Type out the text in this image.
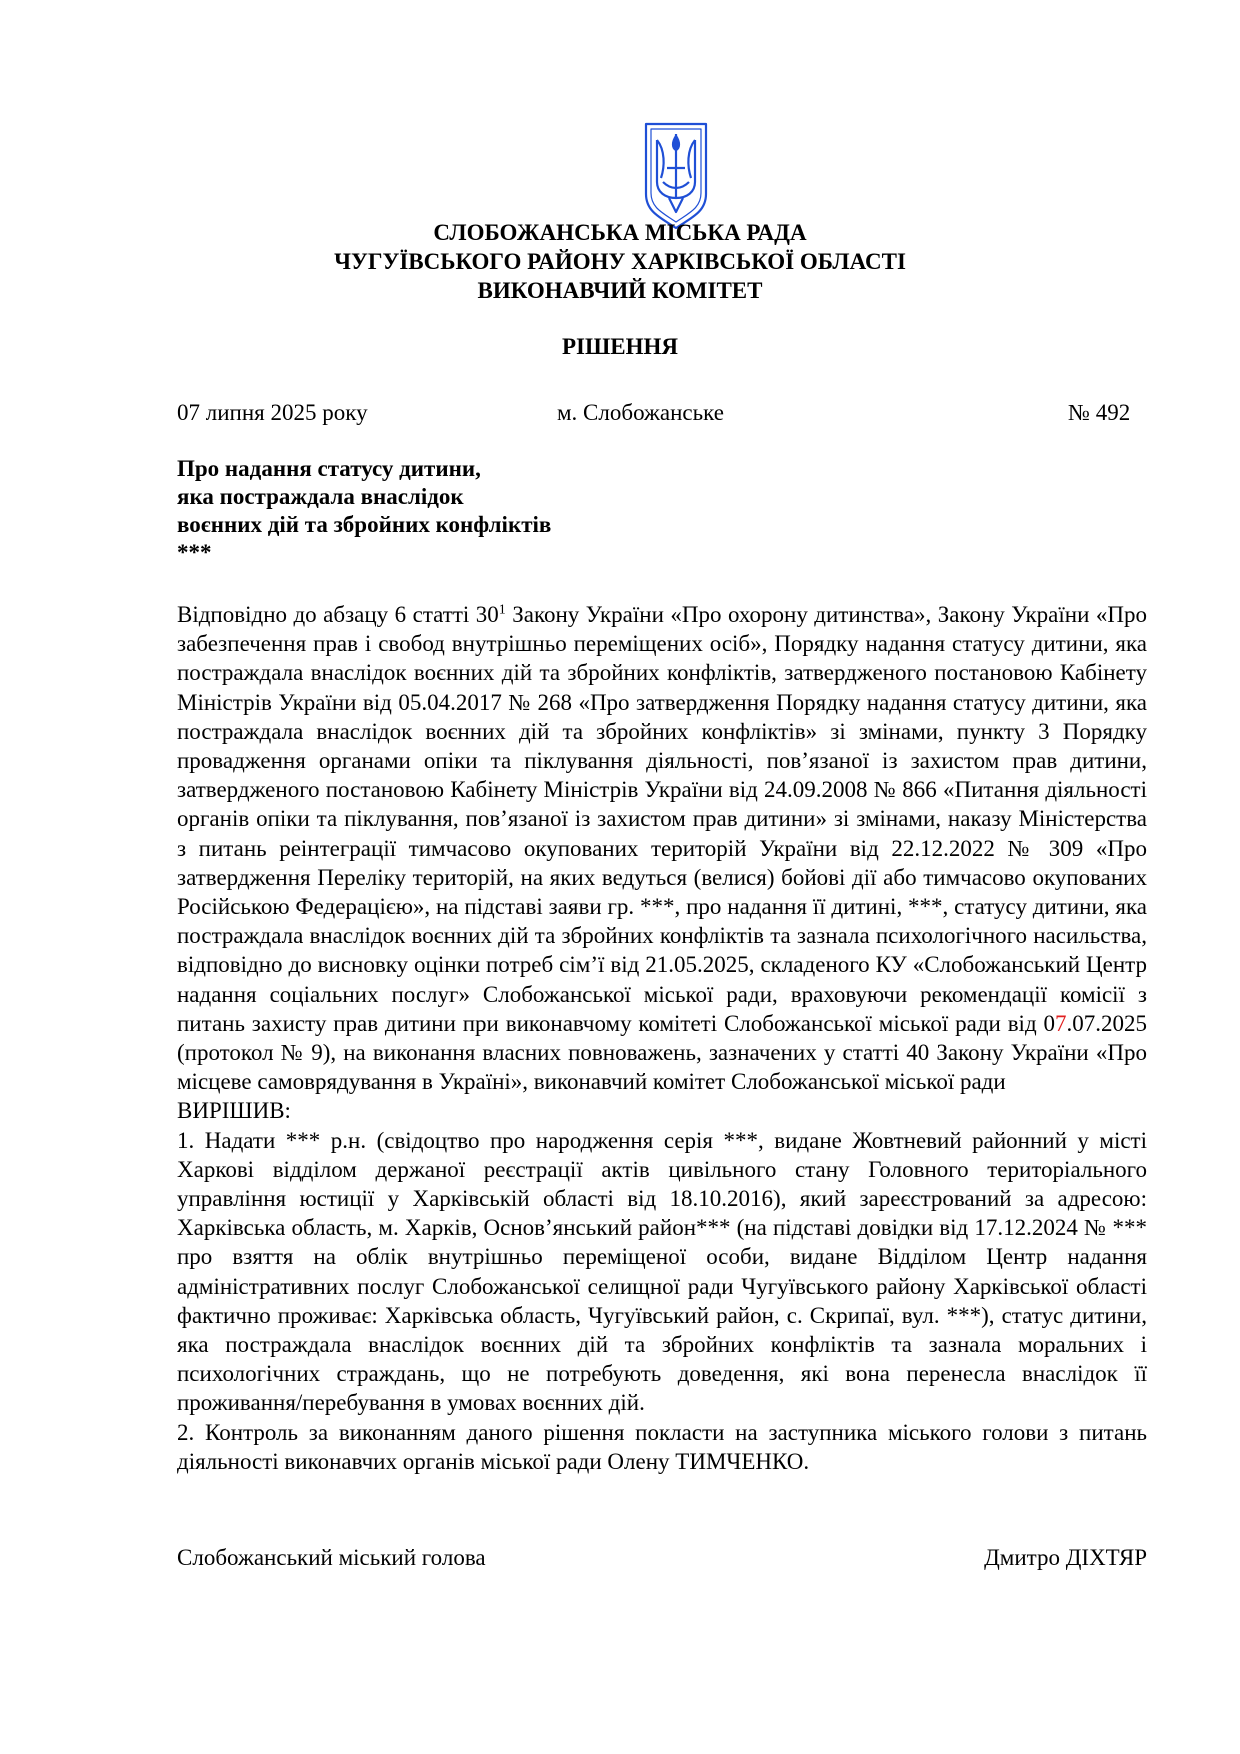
СЛОБОЖАНСЬКА МІСЬКА РАДА
ЧУГУЇВСЬКОГО РАЙОНУ ХАРКІВСЬКОЇ ОБЛАСТІ
ВИКОНАВЧИЙ КОМІТЕТ
РІШЕННЯ
07 липня 2025 року	м. Слобожанське	№ 492
Про надання статусу дитини,
яка постраждала внаслідок
воєнних дій та збройних конфліктів
***

Відповідно до абзацу 6 статті $30^1$ Закону України «Про охорону дитинства», Закону України «Про забезпечення прав і свобод внутрішньо переміщених осіб», Порядку надання статусу дитини, яка постраждала внаслідок воєнних дій та збройних конфліктів, затвердженого постановою Кабінету Міністрів України від 05.04.2017 № 268 «Про затвердження Порядку надання статусу дитини, яка постраждала внаслідок воєнних дій та збройних конфліктів» зі змінами, пункту 3 Порядку провадження органами опіки та піклування діяльності, пов’язаної із захистом прав дитини, затвердженого постановою Кабінету Міністрів України від 24.09.2008 № 866 «Питання діяльності органів опіки та піклування, пов’язаної із захистом прав дитини» зі змінами, наказу Міністерства з питань реінтеграції тимчасово окупованих територій України від 22.12.2022 № 309 «Про затвердження Переліку територій, на яких ведуться (велися) бойові дії або тимчасово окупованих Російською Федерацією», на підставі заяви гр. ***, про надання її дитині, ***, статусу дитини, яка постраждала внаслідок воєнних дій та збройних конфліктів та зазнала психологічного насильства, відповідно до висновку оцінки потреб сім’ї від 21.05.2025, складеного КУ «Слобожанський Центр надання соціальних послуг» Слобожанської міської ради, враховуючи рекомендації комісії з питань захисту прав дитини при виконавчому комітеті Слобожанської міської ради від 07.07.2025 (протокол № 9), на виконання власних повноважень, зазначених у статті 40 Закону України «Про місцеве самоврядування в Україні», виконавчий комітет Слобожанської міської ради

ВИРІШИВ:

1. Надати *** р.н. (свідоцтво про народження серія ***, видане Жовтневий районний у місті Харкові відділом держаної реєстрації актів цивільного стану Головного територіального управління юстиції у Харківській області від 18.10.2016), який зареєстрований за адресою: Харківська область, м. Харків, Основ’янський район*** (на підставі довідки від 17.12.2024 № *** про взяття на облік внутрішньо переміщеної особи, видане Відділом Центр надання адміністративних послуг Слобожанської селищної ради Чугуївського району Харківської області фактично проживає: Харківська область, Чугуївський район, с. Скрипаї, вул. ***), статус дитини, яка постраждала внаслідок воєнних дій та збройних конфліктів та зазнала моральних і психологічних страждань, що не потребують доведення, які вона перенесла внаслідок її проживання/перебування в умовах воєнних дій.

2. Контроль за виконанням даного рішення покласти на заступника міського голови з питань діяльності виконавчих органів міської ради Олену ТИМЧЕНКО.

Слобожанський міський голова	Дмитро ДІХТЯР
